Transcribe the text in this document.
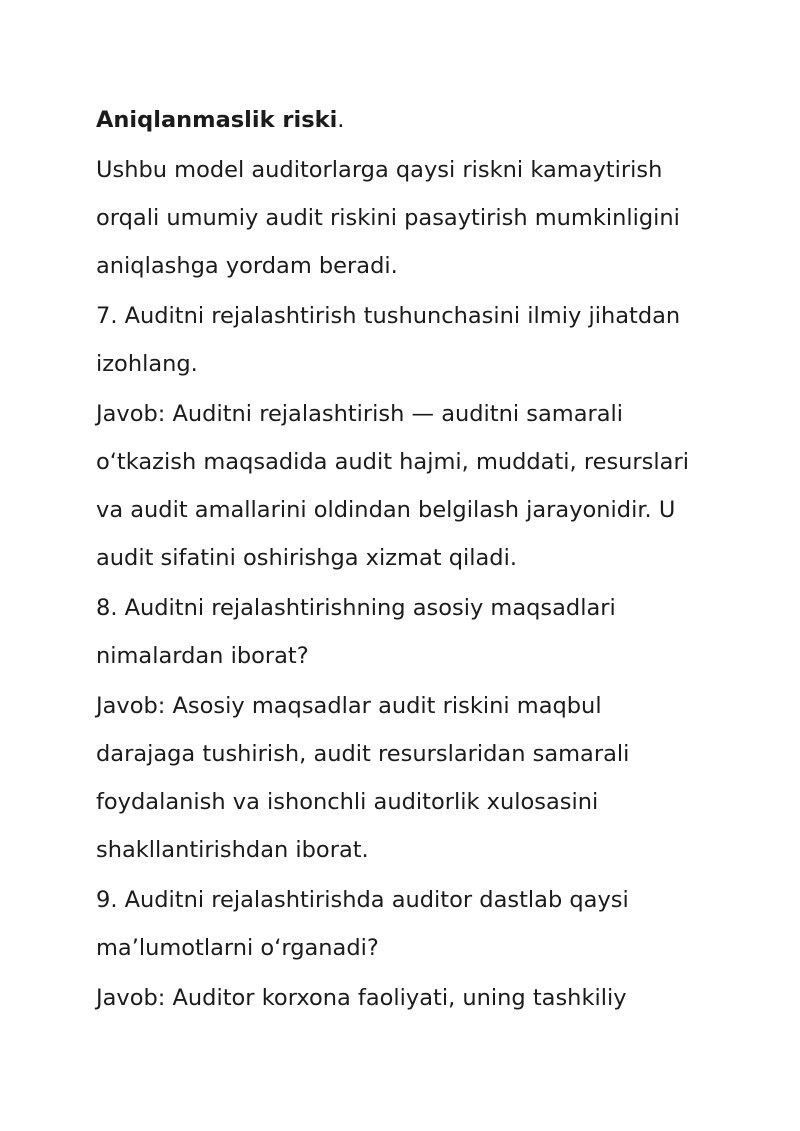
Aniqlanmaslik riski.

Ushbu model auditorlarga qaysi riskni kamaytirish orqali umumiy audit riskini pasaytirish mumkinligini aniqlashga yordam beradi.

7. Auditni rejalashtirish tushunchasini ilmiy jihatdan izohlang.

Javob: Auditni rejalashtirish — auditni samarali o‘tkazish maqsadida audit hajmi, muddati, resurslari va audit amallarini oldindan belgilash jarayonidir. U audit sifatini oshirishga xizmat qiladi.

8. Auditni rejalashtirishning asosiy maqsadlari nimalardan iborat?

Javob: Asosiy maqsadlar audit riskini maqbul darajaga tushirish, audit resurslaridan samarali foydalanish va ishonchli auditorlik xulosasini shakllantirishdan iborat.

9. Auditni rejalashtirishda auditor dastlab qaysi ma’lumotlarni o‘rganadi?

Javob: Auditor korxona faoliyati, uning tashkiliy
